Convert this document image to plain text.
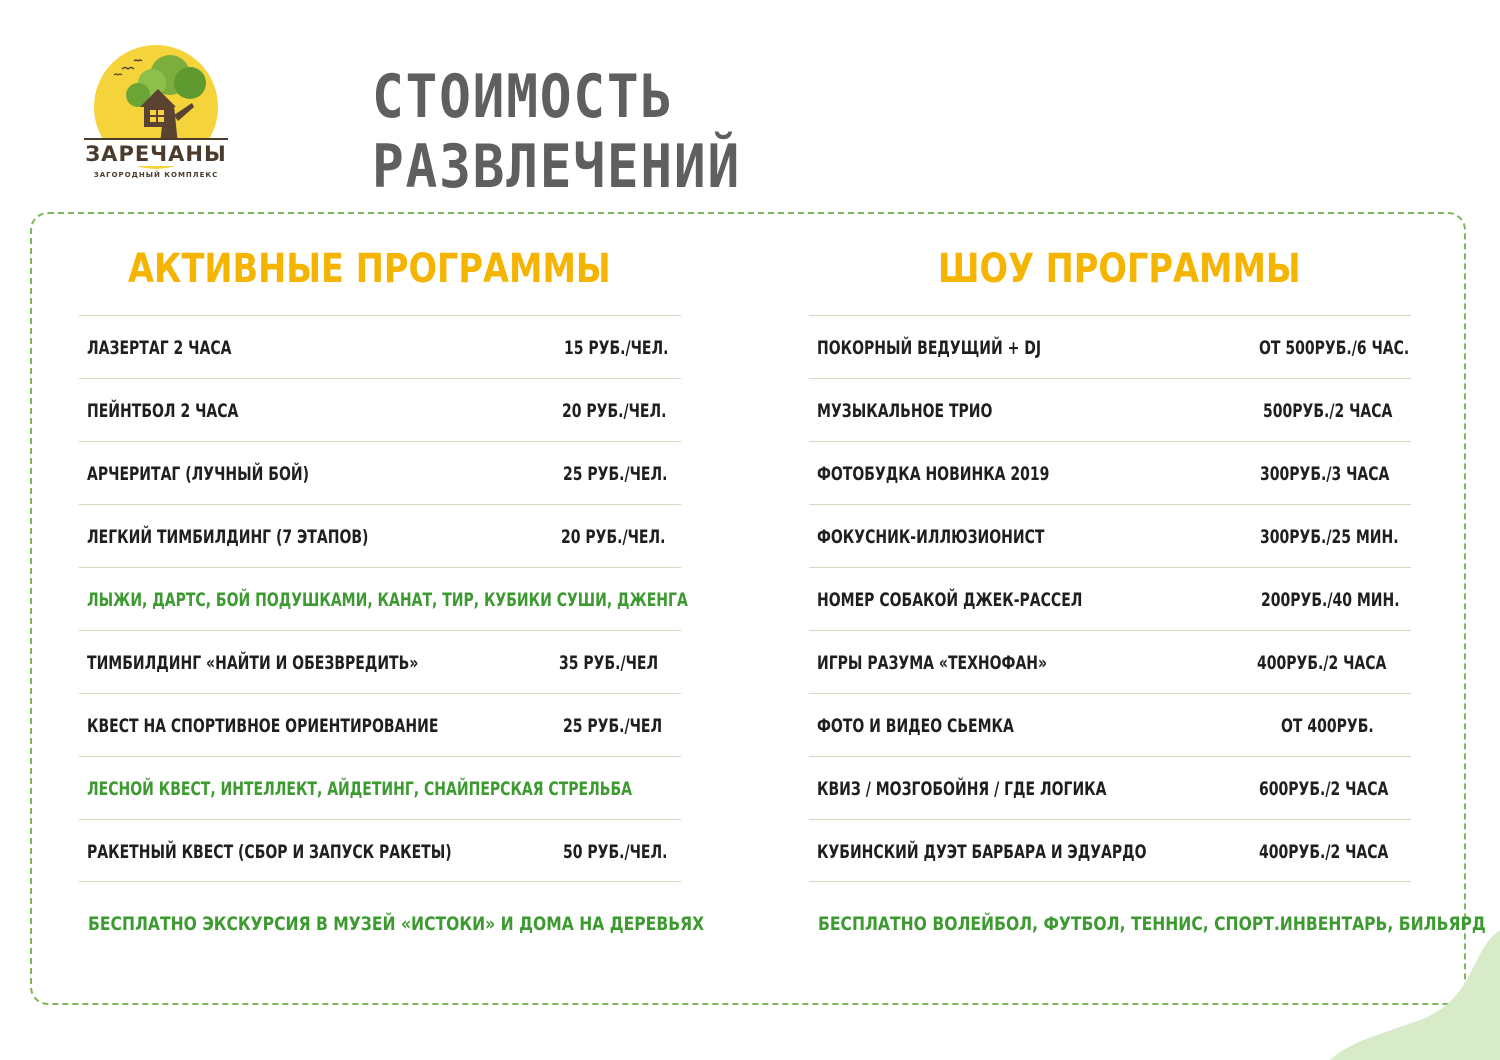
ЗАРЕЧАНЫ
ЗАГОРОДНЫЙ КОМПЛЕКС
СТОИМОСТЬ РАЗВЛЕЧЕНИЙ
АКТИВНЫЕ ПРОГРАММЫ	ШОУ ПРОГРАММЫ
ЛАЗЕРТАГ 2 ЧАСА	15 РУБ./ЧЕЛ.
ПЕЙНТБОЛ 2 ЧАСА	20 РУБ./ЧЕЛ.
АРЧЕРИТАГ (ЛУЧНЫЙ БОЙ)	25 РУБ./ЧЕЛ.
ЛЕГКИЙ ТИМБИЛДИНГ (7 ЭТАПОВ)	20 РУБ./ЧЕЛ.
ЛЫЖИ, ДАРТС, БОЙ ПОДУШКАМИ, КАНАТ, ТИР, КУБИКИ СУШИ, ДЖЕНГА
ТИМБИЛДИНГ «НАЙТИ И ОБЕЗВРЕДИТЬ»	35 РУБ./ЧЕЛ
КВЕСТ НА СПОРТИВНОЕ ОРИЕНТИРОВАНИЕ	25 РУБ./ЧЕЛ
ЛЕСНОЙ КВЕСТ, ИНТЕЛЛЕКТ, АЙДЕТИНГ, СНАЙПЕРСКАЯ СТРЕЛЬБА
РАКЕТНЫЙ КВЕСТ (СБОР И ЗАПУСК РАКЕТЫ)	50 РУБ./ЧЕЛ.
ПОКОРНЫЙ ВЕДУЩИЙ + DJ	ОТ 500РУБ./6 ЧАС.
МУЗЫКАЛЬНОЕ ТРИО	500РУБ./2 ЧАСА
ФОТОБУДКА НОВИНКА 2019	300РУБ./3 ЧАСА
ФОКУСНИК-ИЛЛЮЗИОНИСТ	300РУБ./25 МИН.
НОМЕР СОБАКОЙ ДЖЕК-РАССЕЛ	200РУБ./40 МИН.
ИГРЫ РАЗУМА «ТЕХНОФАН»	400РУБ./2 ЧАСА
ФОТО И ВИДЕО СЬЕМКА	ОТ 400РУБ.
КВИЗ / МОЗГОБОЙНЯ / ГДЕ ЛОГИКА	600РУБ./2 ЧАСА
КУБИНСКИЙ ДУЭТ БАРБАРА И ЭДУАРДО	400РУБ./2 ЧАСА
БЕСПЛАТНО ЭКСКУРСИЯ В МУЗЕЙ «ИСТОКИ» И ДОМА НА ДЕРЕВЬЯХ	БЕСПЛАТНО ВОЛЕЙБОЛ, ФУТБОЛ, ТЕННИС, СПОРТ.ИНВЕНТАРЬ, БИЛЬЯРД
